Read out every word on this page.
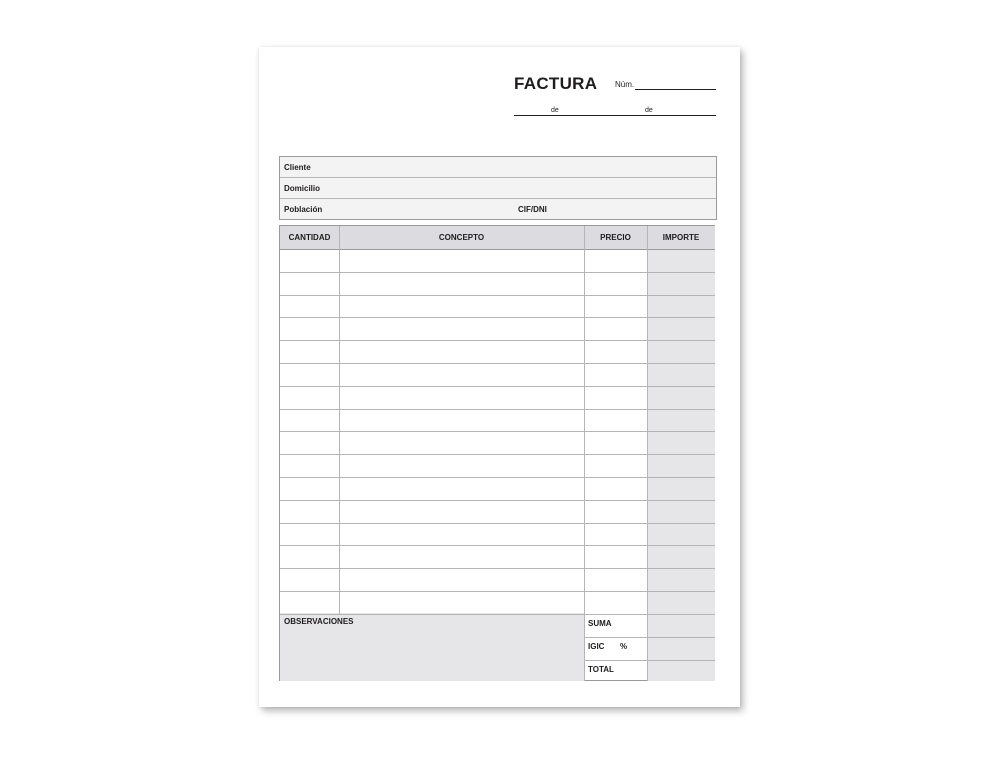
FACTURA Núm.
de	de
Cliente
Domicilio
Población	CIF/DNI
CANTIDAD	CONCEPTO	PRECIO	IMPORTE
OBSERVACIONES	SUMA
IGIC %
TOTAL
